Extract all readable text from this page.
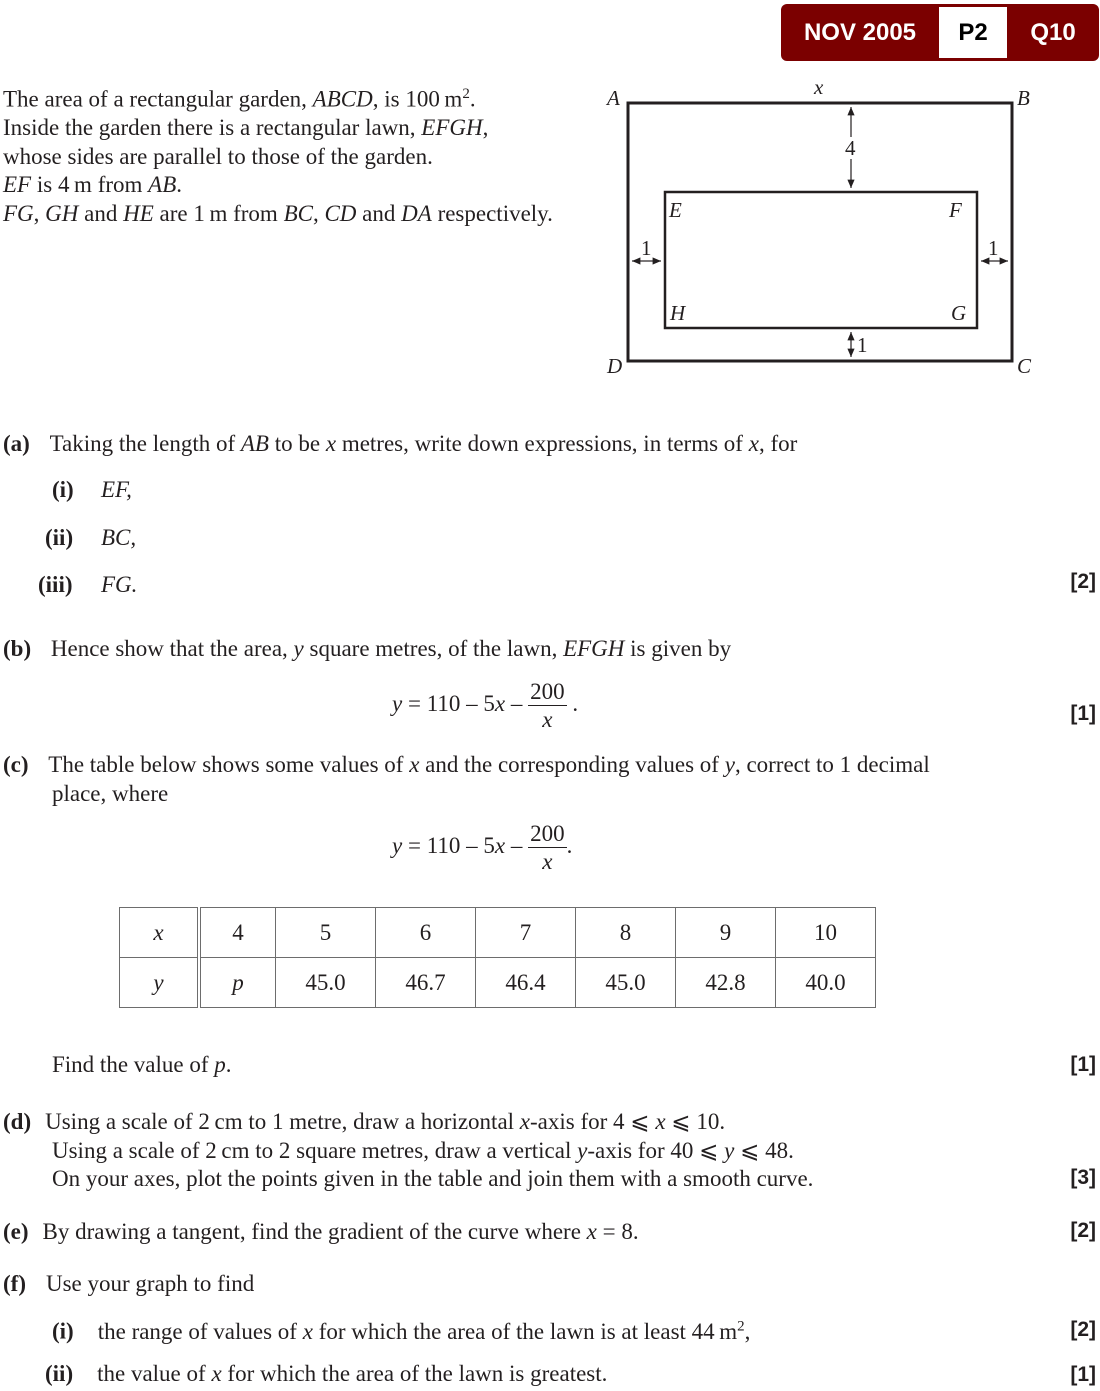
NOV 2005	P2	Q10
The area of a rectangular garden, ABCD, is 100 $m^2$.
Inside the garden there is a rectangular lawn, EFGH,
whose sides are parallel to those of the garden.
EF is 4 m from AB.
FG, GH and HE are 1 m from BC, CD and DA respectively.
A	B
C
D
E	F
G
H
x
4
1	1
1
(a) Taking the length of AB to be x metres, write down expressions, in terms of x, for
(i) EF,
(ii) BC,
(iii) FG.	[2]
(b) Hence show that the area, y square metres, of the lawn, EFGH is given by
$y = 110 - 5x - \frac{200}{x}$ .	[1]
(c) The table below shows some values of x and the corresponding values of y, correct to 1 decimal
place, where
$y = 110 - 5x - \frac{200}{x}$ .
x	4	5	6	7	8	9	10
y	p	45.0	46.7	46.4	45.0	42.8	40.0
Find the value of p.	[1]
(d) Using a scale of 2 cm to 1 metre, draw a horizontal x-axis for 4 ⩽ x ⩽ 10.
Using a scale of 2 cm to 2 square metres, draw a vertical y-axis for 40 ⩽ y ⩽ 48.
On your axes, plot the points given in the table and join them with a smooth curve.	[3]
(e) By drawing a tangent, find the gradient of the curve where x = 8.	[2]
(f) Use your graph to find
(i) the range of values of x for which the area of the lawn is at least 44 $m^2$,	[2]
(ii) the value of x for which the area of the lawn is greatest.	[1]
